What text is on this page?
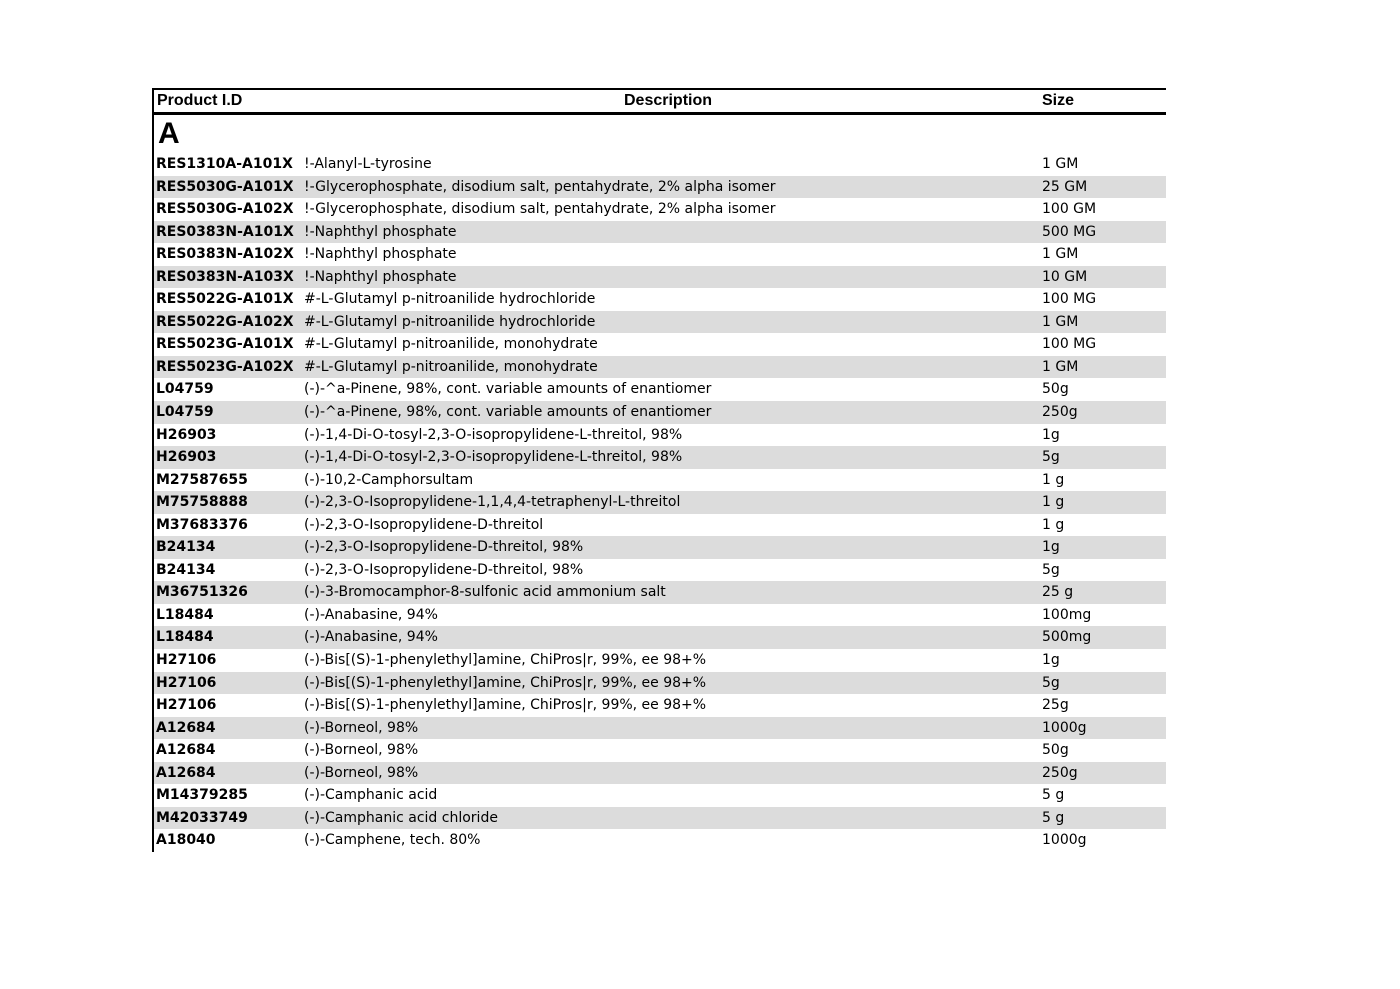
Product I.D	Description	Size
A
RES1310A-A101X !-Alanyl-L-tyrosine	1 GM
RES5030G-A101X !-Glycerophosphate, disodium salt, pentahydrate, 2% alpha isomer	25 GM
RES5030G-A102X !-Glycerophosphate, disodium salt, pentahydrate, 2% alpha isomer	100 GM
RES0383N-A101X !-Naphthyl phosphate	500 MG
RES0383N-A102X !-Naphthyl phosphate	1 GM
RES0383N-A103X !-Naphthyl phosphate	10 GM
RES5022G-A101X #-L-Glutamyl p-nitroanilide hydrochloride	100 MG
RES5022G-A102X #-L-Glutamyl p-nitroanilide hydrochloride	1 GM
RES5023G-A101X #-L-Glutamyl p-nitroanilide, monohydrate	100 MG
RES5023G-A102X #-L-Glutamyl p-nitroanilide, monohydrate	1 GM
L04759	(-)-^a-Pinene, 98%, cont. variable amounts of enantiomer	50g
L04759	(-)-^a-Pinene, 98%, cont. variable amounts of enantiomer	250g
H26903	(-)-1,4-Di-O-tosyl-2,3-O-isopropylidene-L-threitol, 98%	1g
H26903	(-)-1,4-Di-O-tosyl-2,3-O-isopropylidene-L-threitol, 98%	5g
M27587655	(-)-10,2-Camphorsultam	1 g
M75758888	(-)-2,3-O-Isopropylidene-1,1,4,4-tetraphenyl-L-threitol	1 g
M37683376	(-)-2,3-O-Isopropylidene-D-threitol	1 g
B24134	(-)-2,3-O-Isopropylidene-D-threitol, 98%	1g
B24134	(-)-2,3-O-Isopropylidene-D-threitol, 98%	5g
M36751326	(-)-3-Bromocamphor-8-sulfonic acid ammonium salt	25 g
L18484	(-)-Anabasine, 94%	100mg
L18484	(-)-Anabasine, 94%	500mg
H27106	(-)-Bis[(S)-1-phenylethyl]amine, ChiPros|r, 99%, ee 98+%	1g
H27106	(-)-Bis[(S)-1-phenylethyl]amine, ChiPros|r, 99%, ee 98+%	5g
H27106	(-)-Bis[(S)-1-phenylethyl]amine, ChiPros|r, 99%, ee 98+%	25g
A12684	(-)-Borneol, 98%	1000g
A12684	(-)-Borneol, 98%	50g
A12684	(-)-Borneol, 98%	250g
M14379285	(-)-Camphanic acid	5 g
M42033749	(-)-Camphanic acid chloride	5 g
A18040	(-)-Camphene, tech. 80%	1000g
